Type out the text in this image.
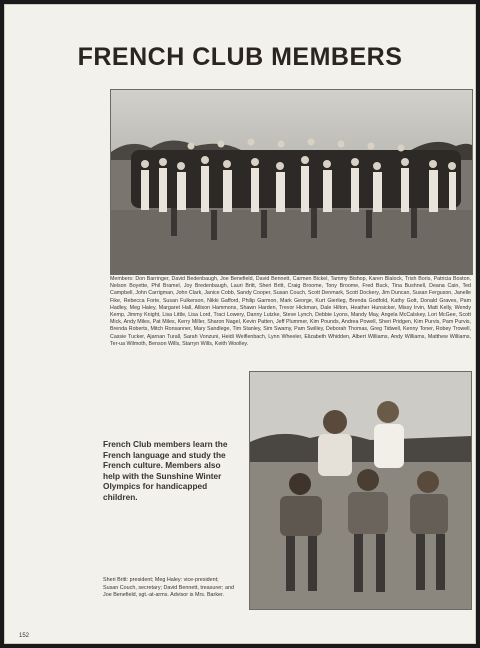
FRENCH CLUB MEMBERS
Members: Don Barringer, David Bedenbaugh, Joe Benefield, David Bennett, Carmen Bickel, Tammy Bishop, Karen Blalock, Trish Boris, Patricia Boston, Nelson Boyette, Phil Bramel, Joy Bredenbaugh, Lauri Britt, Sheri Britt, Craig Broome, Tony Broome, Fred Buck, Tina Bushnell, Deana Cain, Ted Campbell, John Carrigman, John Clark, Janice Cobb, Sandy Cooper, Susan Couch, Scott Denmark, Scott Dockery, Jim Duncan, Susan Ferguson, Janelle Fike, Rebecca Forte, Susan Fulkerson, Nikki Gafford, Philip Garmon, Mark George, Kurt Gierlieg, Brenda Godfold, Kathy Gott, Donald Graves, Pam Hadley, Meg Haley, Margaret Hall, Allison Hammons, Shawn Harden, Trevor Hickman, Dale Hilton, Heather Hunsicker, Missy Irvin, Matt Kelly, Wendy Kemp, Jimmy Knight, Lisa Little, Lisa Lord, Traci Lowery, Danny Lutzke, Steve Lynch, Debbie Lyons, Mandy May, Angela McCalskey, Lori McGee, Scott Mick, Andy Miles, Pat Miles, Kerry Miller, Sharon Nagel, Kevin Patten, Jeff Plummer, Kim Pounds, Andrea Powell, Sheri Pridgen, Kim Purvis, Pam Purvis, Brenda Roberts, Mitch Ronsanner, Mary Sandlege, Tim Stanley, Sim Swamy, Pam Swilley, Deborah Thomas, Greg Tidwell, Kenny Toner, Robey Trowell, Cassie Tucker, Ajarnan Turall, Sarah Vonzuni, Heidi Weiflenbach, Lynn Wheeler, Elizabeth Whidden, Albert Williams, Andy Williams, Matthew Williams, Ter-ua Wilmoth, Benson Wills, Starryn Wills, Keith Woolley.
French Club members learn the French language and study the French culture. Members also help with the Sunshine Winter Olympics for handicapped children.
Sheri Britt: president; Meg Haley: vice-president; Susan Couch, secretary; David Bennett, treasurer; and Joe Benefield, sgt.-at-arms. Advisor is Mrs. Barker.
152
